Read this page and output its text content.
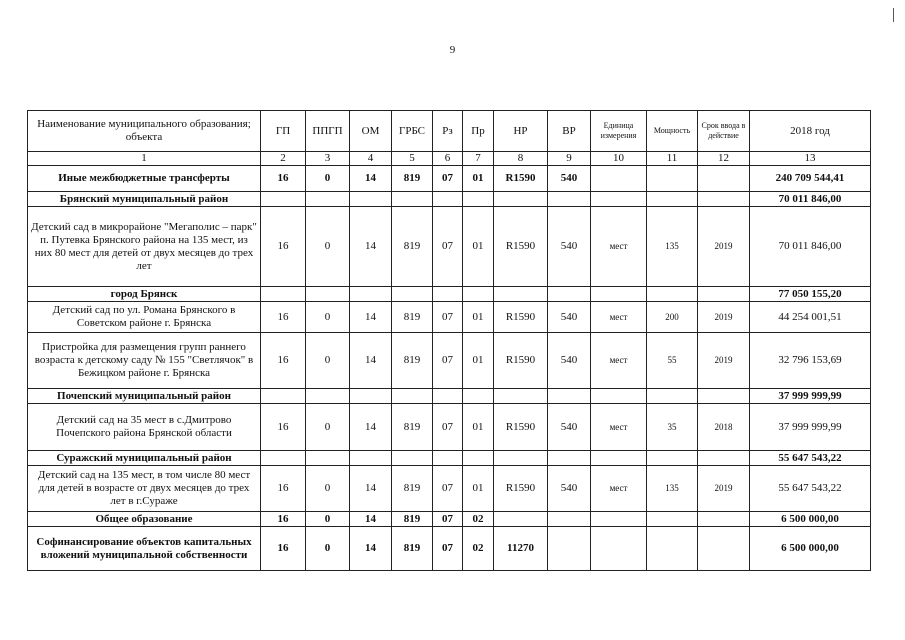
9
Наименование муниципального образования; объекта	ГП	ППГП	ОМ	ГРБС	Рз	Пр	НР	ВР	Единица измерения	Мощность	Срок ввода в действие	2018 год
1	2	3	4	5	6	7	8	9	10	11	12	13
Иные межбюджетные трансферты	16	0	14	819	07	01	R1590	540				240 709 544,41
Брянский муниципальный район												70 011 846,00
Детский сад в микрорайоне "Мегаполис – парк" п. Путевка Брянского района на 135 мест, из них 80 мест для детей от двух месяцев до трех лет	16	0	14	819	07	01	R1590	540	мест	135	2019	70 011 846,00
город Брянск												77 050 155,20
Детский сад по ул. Романа Брянского в Советском районе г. Брянска	16	0	14	819	07	01	R1590	540	мест	200	2019	44 254 001,51
Пристройка для размещения групп раннего возраста к детскому саду № 155 "Светлячок" в Бежицком районе г. Брянска	16	0	14	819	07	01	R1590	540	мест	55	2019	32 796 153,69
Почепский муниципальный район												37 999 999,99
Детский сад на 35 мест в с.Дмитрово Почепского района Брянской области	16	0	14	819	07	01	R1590	540	мест	35	2018	37 999 999,99
Суражский муниципальный район												55 647 543,22
Детский сад на 135 мест, в том числе 80 мест для детей в возрасте от двух месяцев до трех лет в г.Сураже	16	0	14	819	07	01	R1590	540	мест	135	2019	55 647 543,22
Общее образование	16	0	14	819	07	02						6 500 000,00
Софинансирование объектов капитальных вложений муниципальной собственности	16	0	14	819	07	02	11270					6 500 000,00
